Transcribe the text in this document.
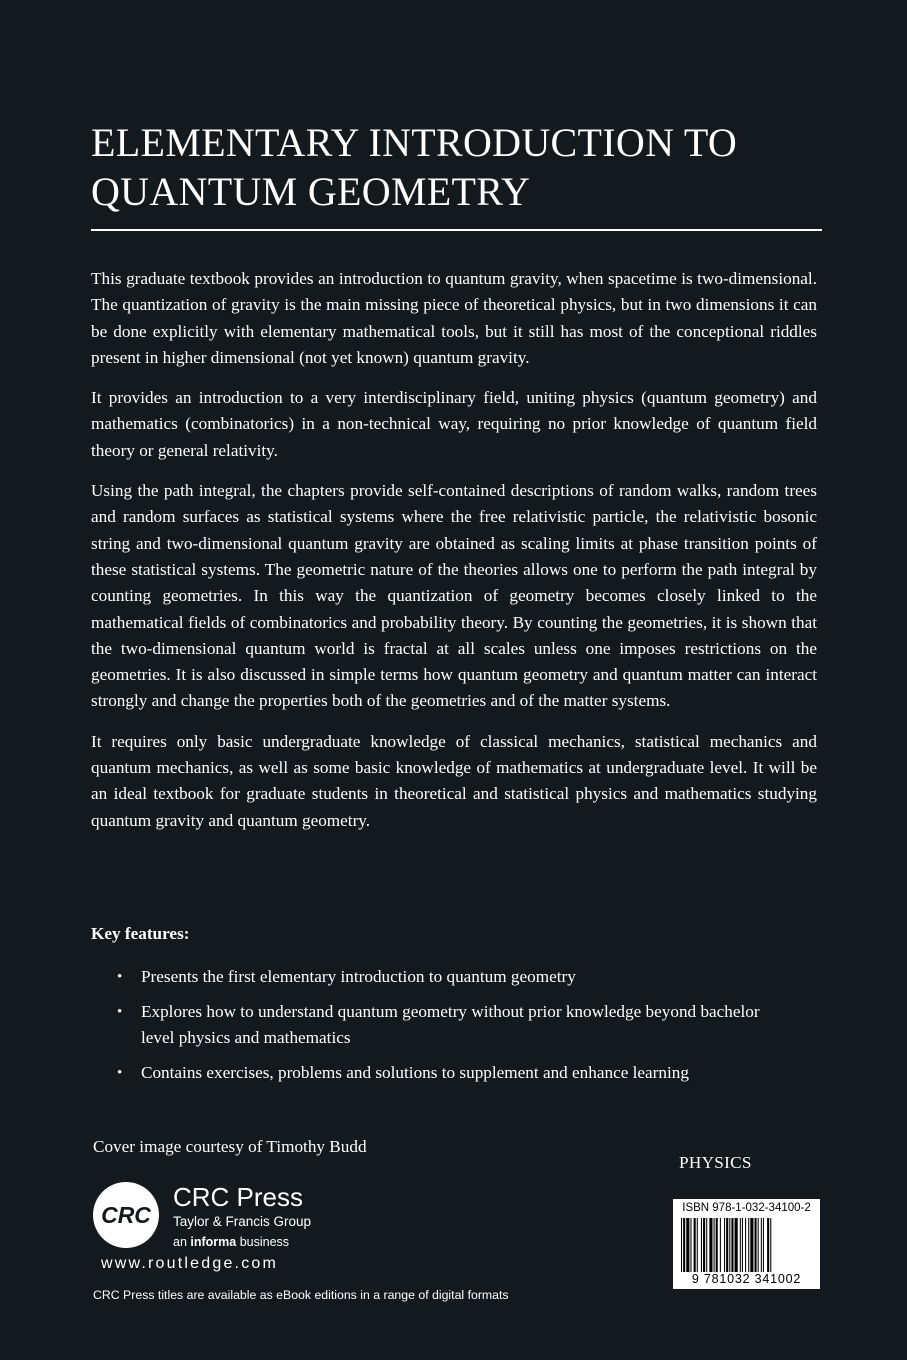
ELEMENTARY INTRODUCTION TO
QUANTUM GEOMETRY

This graduate textbook provides an introduction to quantum gravity, when spacetime is two-dimensional. The quantization of gravity is the main missing piece of theoretical physics, but in two dimensions it can be done explicitly with elementary mathematical tools, but it still has most of the conceptional riddles present in higher dimensional (not yet known) quantum gravity.

It provides an introduction to a very interdisciplinary field, uniting physics (quantum geometry) and mathematics (combinatorics) in a non-technical way, requiring no prior knowledge of quantum field theory or general relativity.

Using the path integral, the chapters provide self-contained descriptions of random walks, random trees and random surfaces as statistical systems where the free relativistic particle, the relativistic bosonic string and two-dimensional quantum gravity are obtained as scaling limits at phase transition points of these statistical systems. The geometric nature of the theories allows one to perform the path integral by counting geometries. In this way the quantization of geometry becomes closely linked to the mathematical fields of combinatorics and probability theory. By counting the geometries, it is shown that the two-dimensional quantum world is fractal at all scales unless one imposes restrictions on the geometries. It is also discussed in simple terms how quantum geometry and quantum matter can interact strongly and change the properties both of the geometries and of the matter systems.

It requires only basic undergraduate knowledge of classical mechanics, statistical mechanics and quantum mechanics, as well as some basic knowledge of mathematics at undergraduate level. It will be an ideal textbook for graduate students in theoretical and statistical physics and mathematics studying quantum gravity and quantum geometry.

Key features:
• Presents the first elementary introduction to quantum geometry
• Explores how to understand quantum geometry without prior knowledge beyond bachelor level physics and mathematics
• Contains exercises, problems and solutions to supplement and enhance learning
Cover image courtesy of Timothy Budd
PHYSICS
CRC
CRC Press
Taylor & Francis Group
an informa business
www.routledge.com
CRC Press titles are available as eBook editions in a range of digital formats
ISBN 978-1-032-34100-2
9 781032 341002
